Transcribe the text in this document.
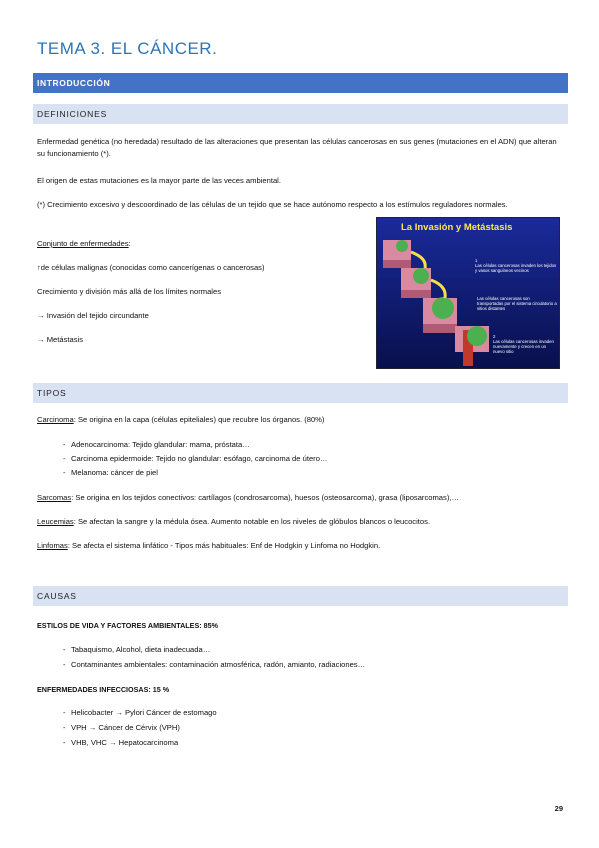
TEMA 3. EL CÁNCER.
INTRODUCCIÓN
DEFINICIONES

Enfermedad genética (no heredada) resultado de las alteraciones que presentan las células cancerosas en sus genes (mutaciones en el ADN) que alteran su funcionamiento (*).

El origen de estas mutaciones es la mayor parte de las veces ambiental.

(*) Crecimiento excesivo y descoordinado de las células de un tejido que se hace autónomo respecto a los estímulos reguladores normales.

Conjunto de enfermedades:

↑de células malignas (conocidas como cancerígenas o cancerosas)

Crecimiento y división más allá de los límites normales

→ Invasión del tejido circundante

→ Metástasis

La Invasión y Metástasis
1
Las células cancerosas invaden los tejidos y vasos sanguíneos vecinos
Las células cancerosas son transportadas por el sistema circulatorio a sitios distantes
2
Las células cancerosas invaden nuevamente y crecen en un nuevo sitio
TIPOS

Carcinoma: Se origina en la capa (células epiteliales) que recubre los órganos. (80%)

- Adenocarcinoma: Tejido glandular: mama, próstata…
- Carcinoma epidermoide: Tejido no glandular: esófago, carcinoma de útero…
- Melanoma: cáncer de piel

Sarcomas: Se origina en los tejidos conectivos: cartílagos (condrosarcoma), huesos (osteosarcoma), grasa (liposarcomas),…

Leucemias: Se afectan la sangre y la médula ósea. Aumento notable en los niveles de glóbulos blancos o leucocitos.

Linfomas: Se afecta el sistema linfático - Tipos más habituales: Enf de Hodgkin y Linfoma no Hodgkin.

CAUSAS

ESTILOS DE VIDA Y FACTORES AMBIENTALES: 85%

- Tabaquismo, Alcohol, dieta inadecuada…
- Contaminantes ambientales: contaminación atmosférica, radón, amianto, radiaciones…

ENFERMEDADES INFECCIOSAS: 15 %

- Helicobacter → Pylori Cáncer de estomago
- VPH → Cáncer de Cérvix (VPH)
- VHB, VHC → Hepatocarcinoma
29
